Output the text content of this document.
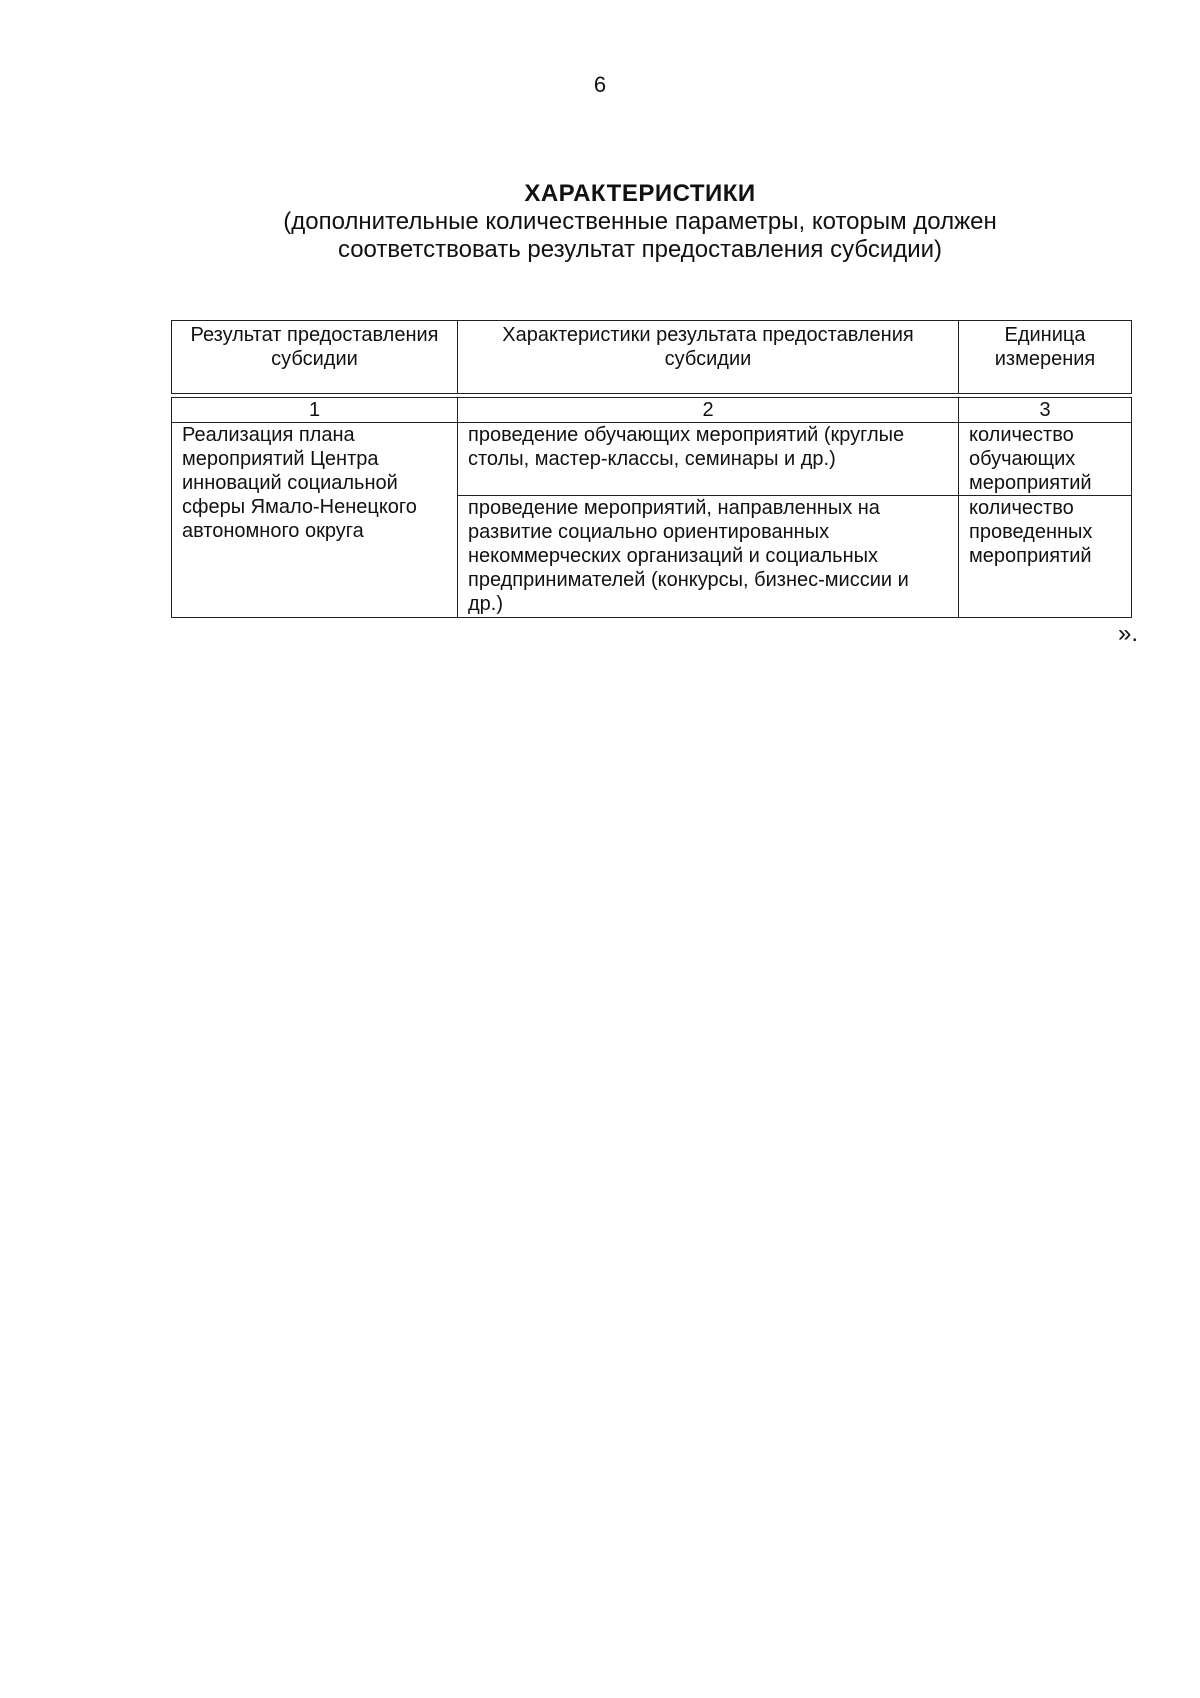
6
ХАРАКТЕРИСТИКИ
(дополнительные количественные параметры, которым должен
соответствовать результат предоставления субсидии)
Результат предоставления субсидии	Характеристики результата предоставления субсидии	Единица измерения

1	2	3
Реализация плана мероприятий Центра инноваций социальной сферы Ямало-Ненецкого автономного округа	проведение обучающих мероприятий (круглые столы, мастер-классы, семинары и др.)	количество обучающих мероприятий
	проведение мероприятий, направленных на развитие социально ориентированных некоммерческих организаций и социальных предпринимателей (конкурсы, бизнес-миссии и др.)	количество проведенных мероприятий
».
